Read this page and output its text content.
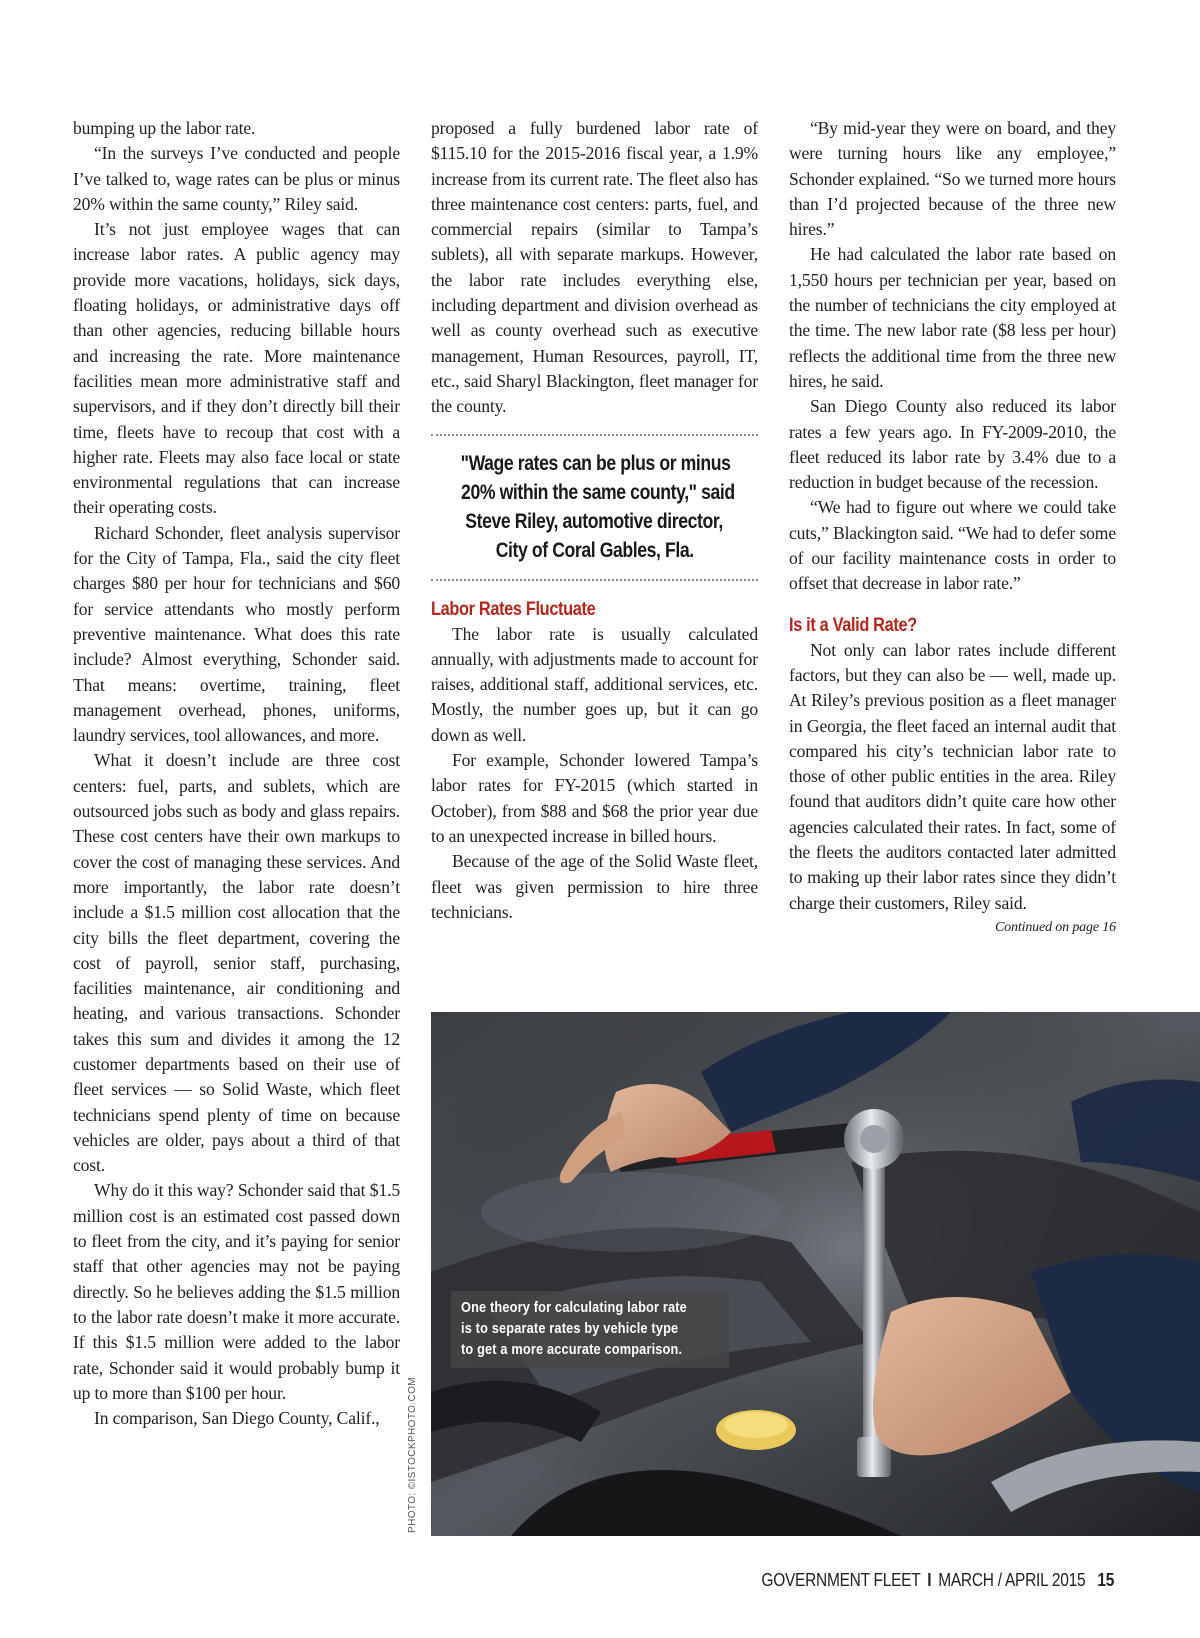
bumping up the labor rate.

“In the surveys I’ve conducted and people I’ve talked to, wage rates can be plus or minus 20% within the same county,” Riley said.

It’s not just employee wages that can increase labor rates. A public agency may provide more vacations, holidays, sick days, floating holidays, or administrative days off than other agencies, reducing billable hours and increasing the rate. More maintenance facilities mean more administrative staff and supervisors, and if they don’t directly bill their time, fleets have to recoup that cost with a higher rate. Fleets may also face local or state environmental regulations that can increase their operating costs.

Richard Schonder, fleet analysis supervisor for the City of Tampa, Fla., said the city fleet charges $80 per hour for technicians and $60 for service attendants who mostly perform preventive maintenance. What does this rate include? Almost everything, Schonder said. That means: overtime, training, fleet management overhead, phones, uniforms, laundry services, tool allowances, and more.

What it doesn’t include are three cost centers: fuel, parts, and sublets, which are outsourced jobs such as body and glass repairs. These cost centers have their own markups to cover the cost of managing these services. And more importantly, the labor rate doesn’t include a $1.5 million cost allocation that the city bills the fleet department, covering the cost of payroll, senior staff, purchasing, facilities maintenance, air conditioning and heating, and various transactions. Schonder takes this sum and divides it among the 12 customer departments based on their use of fleet services — so Solid Waste, which fleet technicians spend plenty of time on because vehicles are older, pays about a third of that cost.

Why do it this way? Schonder said that $1.5 million cost is an estimated cost passed down to fleet from the city, and it’s paying for senior staff that other agencies may not be paying directly. So he believes adding the $1.5 million to the labor rate doesn’t make it more accurate. If this $1.5 million were added to the labor rate, Schonder said it would probably bump it up to more than $100 per hour.

In comparison, San Diego County, Calif.,

proposed a fully burdened labor rate of $115.10 for the 2015-2016 fiscal year, a 1.9% increase from its current rate. The fleet also has three maintenance cost centers: parts, fuel, and commercial repairs (similar to Tampa’s sublets), all with separate markups. However, the labor rate includes everything else, including department and division overhead as well as county overhead such as executive management, Human Resources, payroll, IT, etc., said Sharyl Blackington, fleet manager for the county.

"Wage rates can be plus or minus
20% within the same county," said
Steve Riley, automotive director,
City of Coral Gables, Fla.
Labor Rates Fluctuate

The labor rate is usually calculated annually, with adjustments made to account for raises, additional staff, additional services, etc. Mostly, the number goes up, but it can go down as well.

For example, Schonder lowered Tampa’s labor rates for FY-2015 (which started in October), from $88 and $68 the prior year due to an unexpected increase in billed hours.

Because of the age of the Solid Waste fleet, fleet was given permission to hire three technicians.

“By mid-year they were on board, and they were turning hours like any employee,” Schonder explained. “So we turned more hours than I’d projected because of the three new hires.”

He had calculated the labor rate based on 1,550 hours per technician per year, based on the number of technicians the city employed at the time. The new labor rate ($8 less per hour) reflects the additional time from the three new hires, he said.

San Diego County also reduced its labor rates a few years ago. In FY-2009-2010, the fleet reduced its labor rate by 3.4% due to a reduction in budget because of the recession.

“We had to figure out where we could take cuts,” Blackington said. “We had to defer some of our facility maintenance costs in order to offset that decrease in labor rate.”

Is it a Valid Rate?

Not only can labor rates include different factors, but they can also be — well, made up. At Riley’s previous position as a fleet manager in Georgia, the fleet faced an internal audit that compared his city’s technician labor rate to those of other public entities in the area. Riley found that auditors didn’t quite care how other agencies calculated their rates. In fact, some of the fleets the auditors contacted later admitted to making up their labor rates since they didn’t charge their customers, Riley said.

Continued on page 16
One theory for calculating labor rate
is to separate rates by vehicle type
to get a more accurate comparison.
PHOTO: ©ISTOCKPHOTO.COM
GOVERNMENT FLEET I MARCH / APRIL 2015 15
